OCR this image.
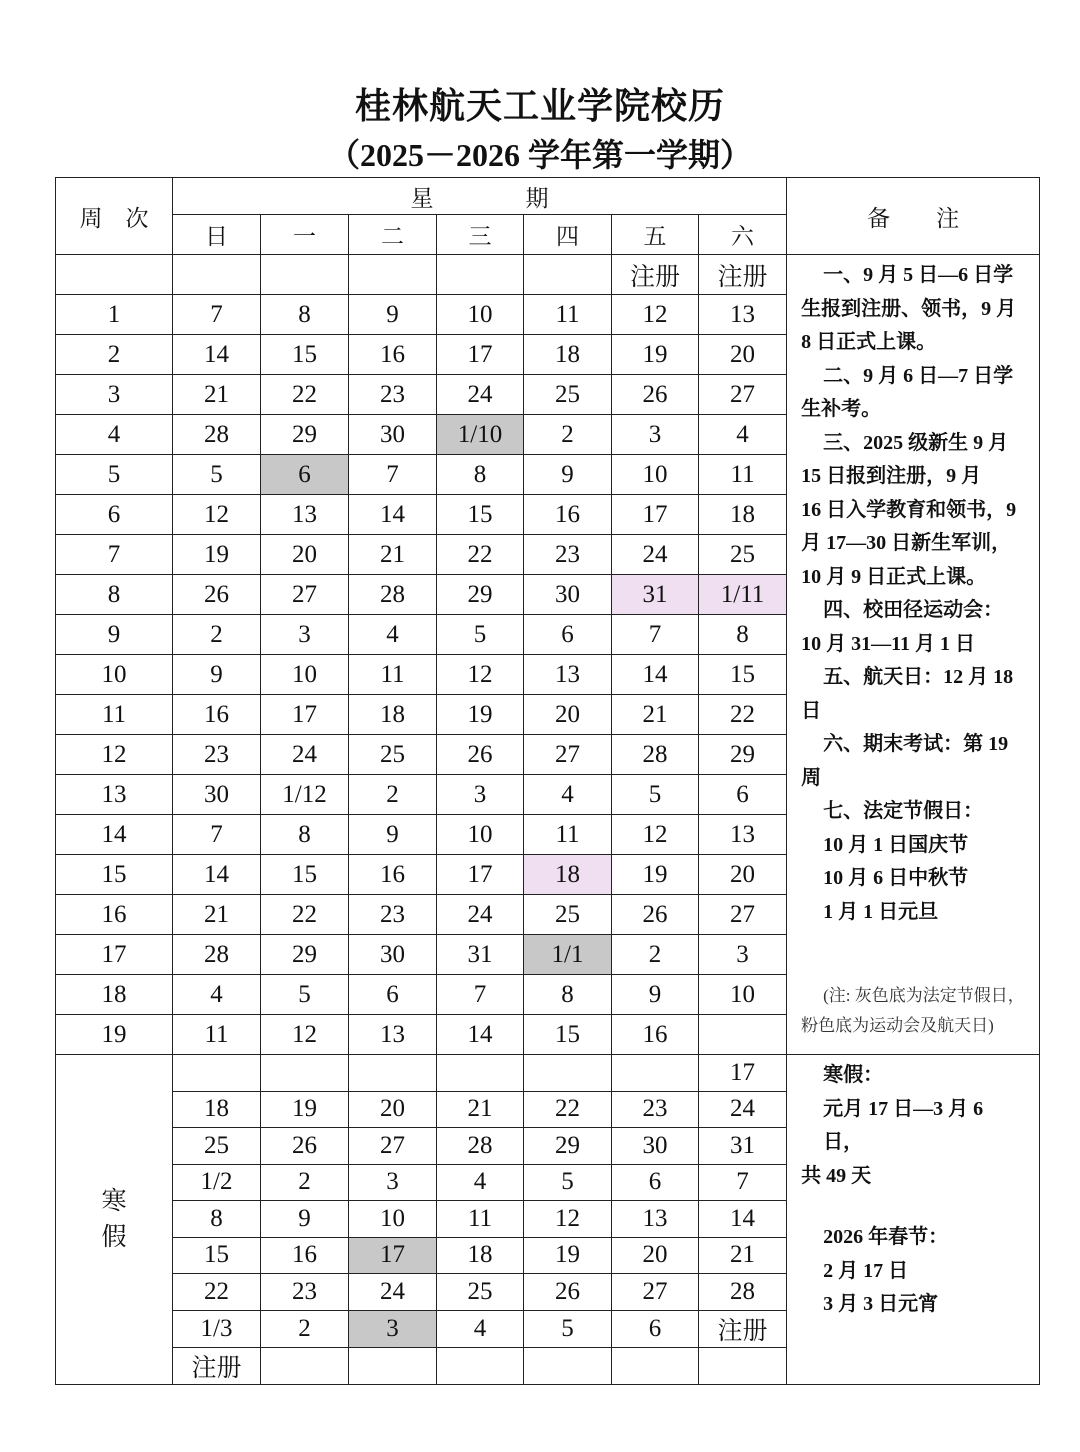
桂林航天工业学院校历
（2025－2026 学年第一学期）
周　次	星　　　　期							备　　注
	日	一	二	三	四	五	六	
						注册	注册	一、9 月 5 日—6 日学
生报到注册、领书，9 月
8 日正式上课。
二、9 月 6 日—7 日学
生补考。
三、2025 级新生 9 月
15 日报到注册，9 月
16 日入学教育和领书，9
月 17—30 日新生军训，
10 月 9 日正式上课。
四、校田径运动会：
10 月 31—11 月 1 日
五、航天日：12 月 18
日
六、期末考试：第 19
周
七、法定节假日：
10 月 1 日国庆节
10 月 6 日中秋节
1 月 1 日元旦
(注: 灰色底为法定节假日，
粉色底为运动会及航天日)

1	7	8	9	10	11	12	13	
2	14	15	16	17	18	19	20	
3	21	22	23	24	25	26	27	
4	28	29	30	1/10	2	3	4	
5	5	6	7	8	9	10	11	
6	12	13	14	15	16	17	18	
7	19	20	21	22	23	24	25	
8	26	27	28	29	30	31	1/11	
9	2	3	4	5	6	7	8	
10	9	10	11	12	13	14	15	
11	16	17	18	19	20	21	22	
12	23	24	25	26	27	28	29	
13	30	1/12	2	3	4	5	6	
14	7	8	9	10	11	12	13	
15	14	15	16	17	18	19	20	
16	21	22	23	24	25	26	27	
17	28	29	30	31	1/1	2	3	
18	4	5	6	7	8	9	10	
19	11	12	13	14	15	16		

寒
假
							17	寒假：
元月 17 日—3 月 6 日，
共 49 天
2026 年春节：
2 月 17 日
3 月 3 日元宵

	18	19	20	21	22	23	24	
	25	26	27	28	29	30	31	
	1/2	2	3	4	5	6	7	
	8	9	10	11	12	13	14	
	15	16	17	18	19	20	21	
	22	23	24	25	26	27	28	
	1/3	2	3	4	5	6	注册	
	注册							
